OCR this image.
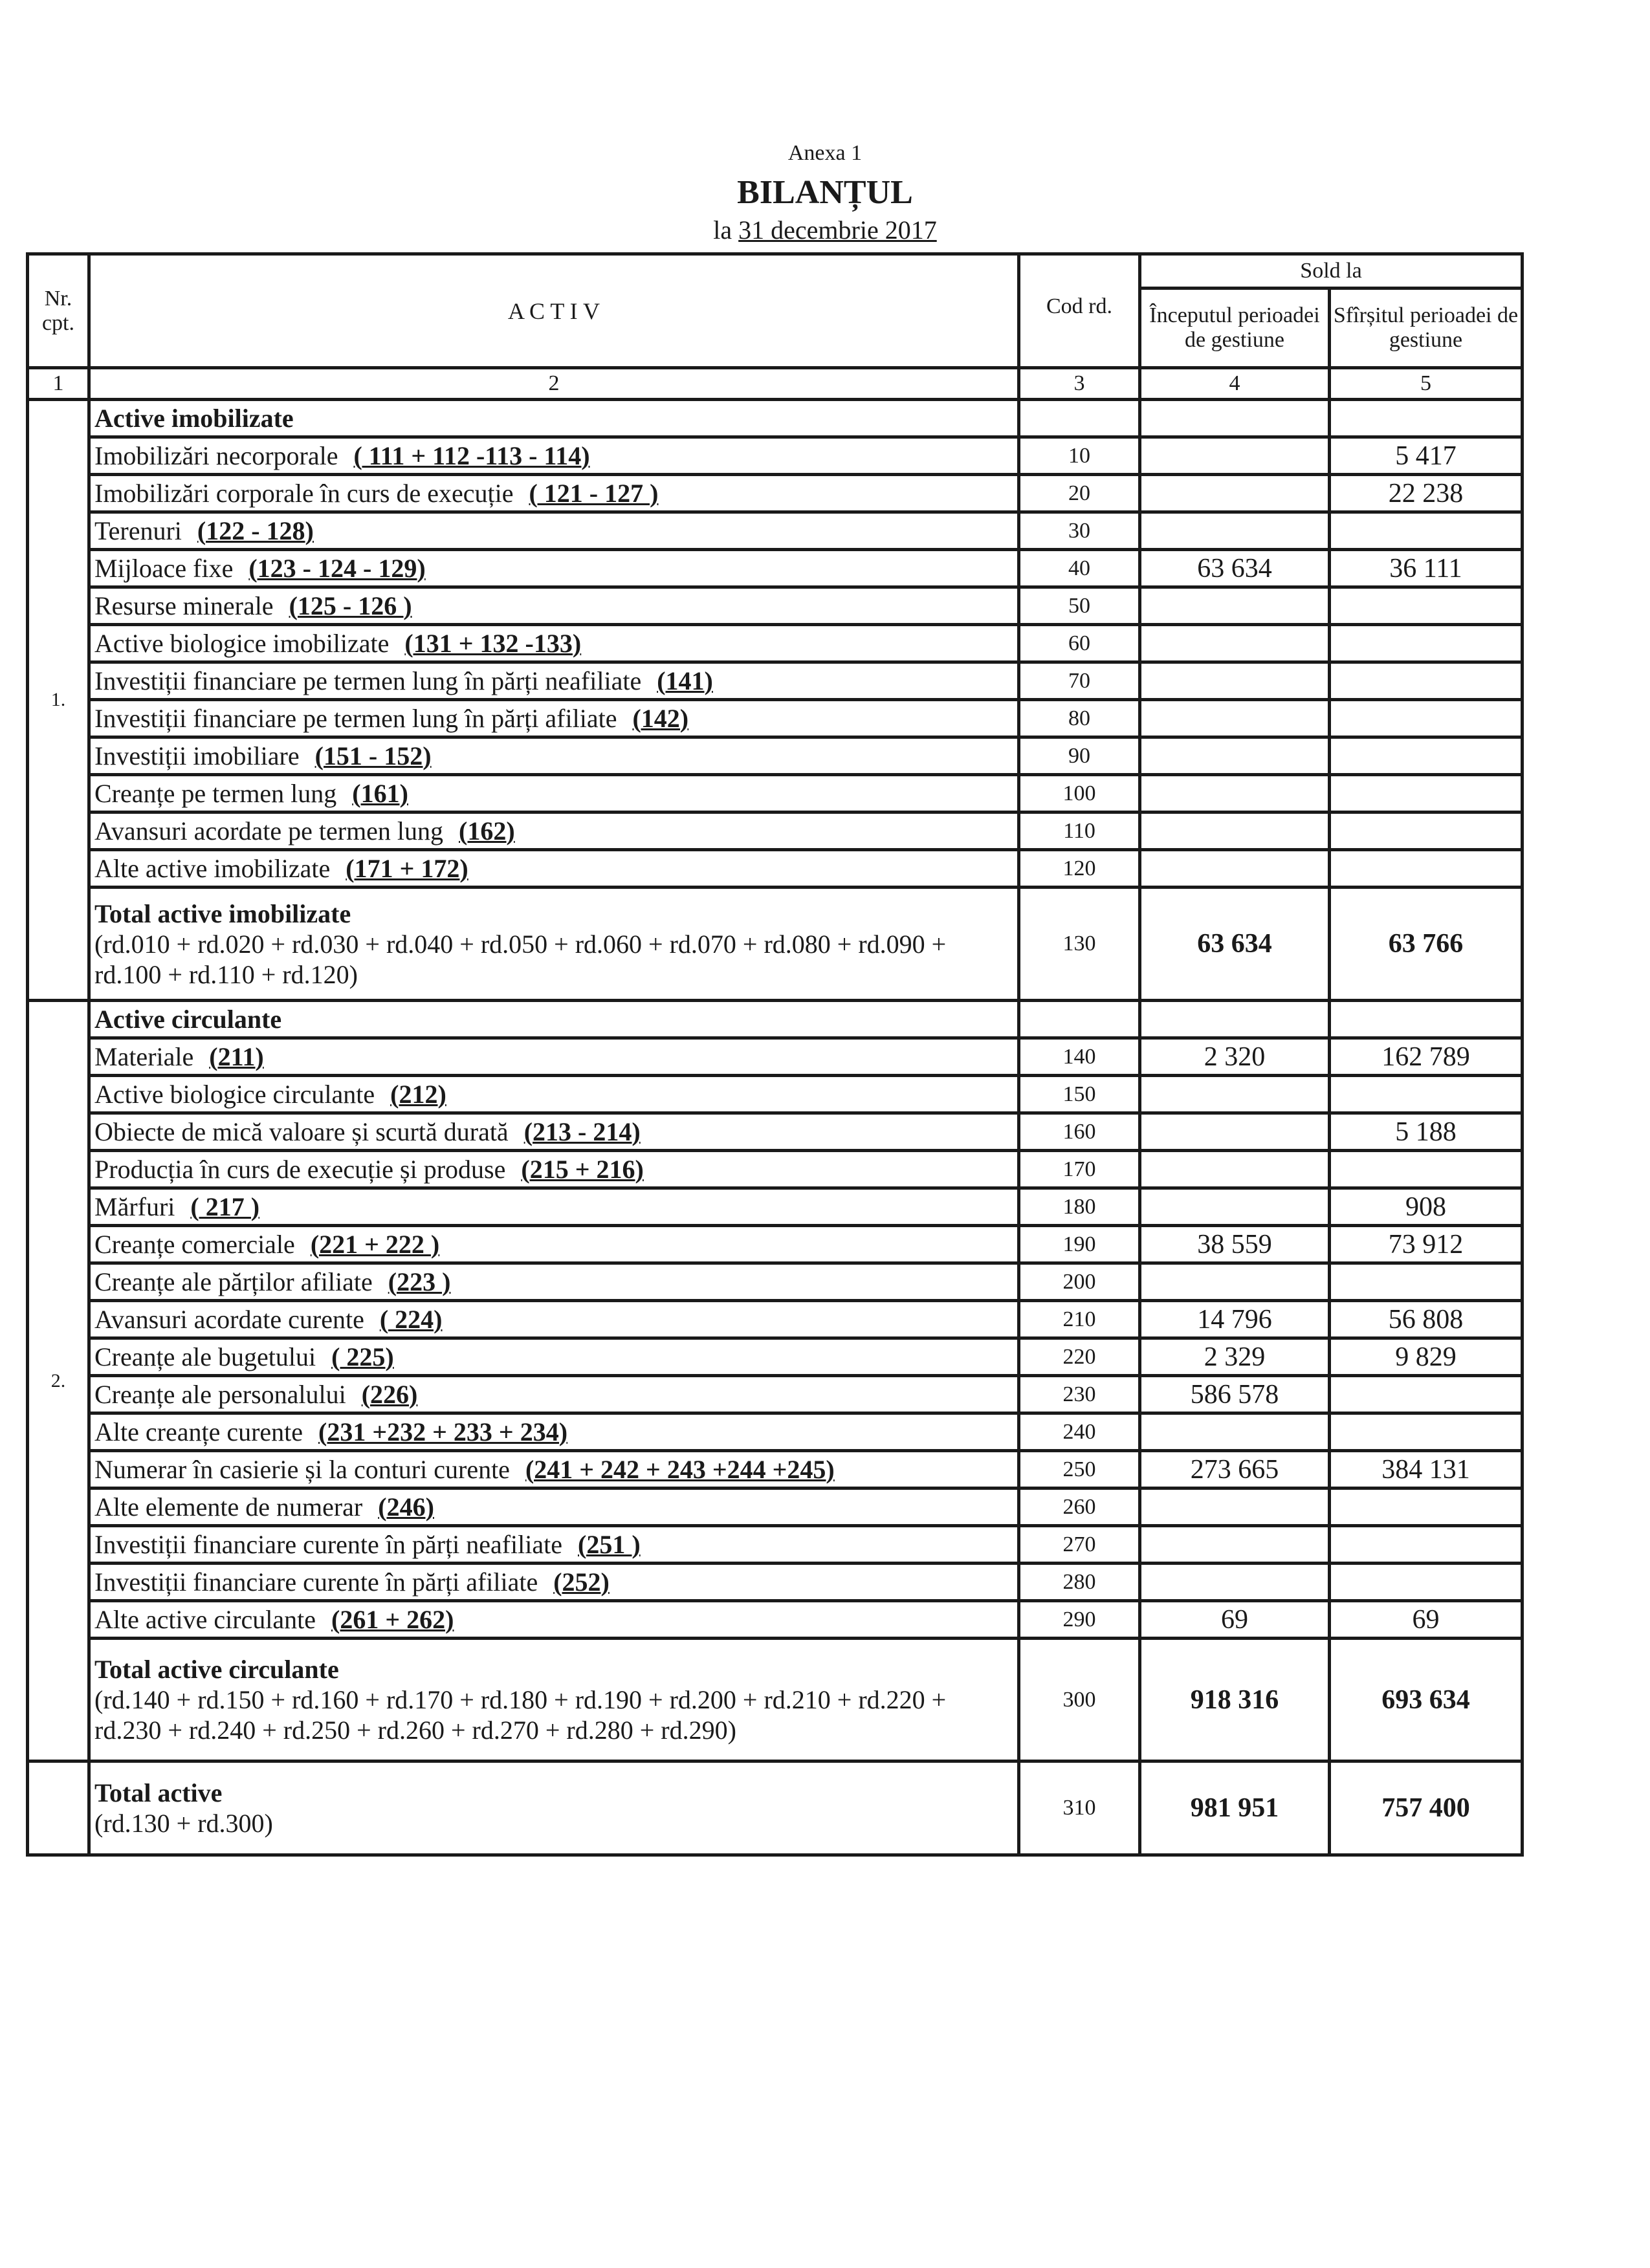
Anexa 1
BILANȚUL
la 31 decembrie 2017
Nr. cpt.	A C T I V	Cod rd.	Sold la	
			Începutul perioadei de gestiune	Sfîrșitul perioadei de gestiune
1	2	3	4	5
1.	Active imobilizate			
	Imobilizări necorporale ( 111 + 112 -113 - 114)	10		5 417
	Imobilizări corporale în curs de execuție ( 121 - 127 )	20		22 238
	Terenuri (122 - 128)	30		
	Mijloace fixe (123 - 124 - 129)	40	63 634	36 111
	Resurse minerale (125 - 126 )	50		
	Active biologice imobilizate (131 + 132 -133)	60		
	Investiții financiare pe termen lung în părți neafiliate (141)	70		
	Investiții financiare pe termen lung în părți afiliate (142)	80		
	Investiții imobiliare (151 - 152)	90		
	Creanțe pe termen lung (161)	100		
	Avansuri acordate pe termen lung (162)	110		
	Alte active imobilizate (171 + 172)	120		
	Total active imobilizate
(rd.010 + rd.020 + rd.030 + rd.040 + rd.050 + rd.060 + rd.070 + rd.080 + rd.090 + rd.100 + rd.110 + rd.120)	130	63 634	63 766
2.	Active circulante			
	Materiale (211)	140	2 320	162 789
	Active biologice circulante (212)	150		
	Obiecte de mică valoare și scurtă durată (213 - 214)	160		5 188
	Producția în curs de execuție și produse (215 + 216)	170		
	Mărfuri ( 217 )	180		908
	Creanțe comerciale (221 + 222 )	190	38 559	73 912
	Creanțe ale părților afiliate (223 )	200		
	Avansuri acordate curente ( 224)	210	14 796	56 808
	Creanțe ale bugetului ( 225)	220	2 329	9 829
	Creanțe ale personalului (226)	230	586 578	
	Alte creanțe curente (231 +232 + 233 + 234)	240		
	Numerar în casierie și la conturi curente (241 + 242 + 243 +244 +245)	250	273 665	384 131
	Alte elemente de numerar (246)	260		
	Investiții financiare curente în părți neafiliate (251 )	270		
	Investiții financiare curente în părți afiliate (252)	280		
	Alte active circulante (261 + 262)	290	69	69
	Total active circulante
(rd.140 + rd.150 + rd.160 + rd.170 + rd.180 + rd.190 + rd.200 + rd.210 + rd.220 + rd.230 + rd.240 + rd.250 + rd.260 + rd.270 + rd.280 + rd.290)	300	918 316	693 634
	Total active
(rd.130 + rd.300)	310	981 951	757 400
